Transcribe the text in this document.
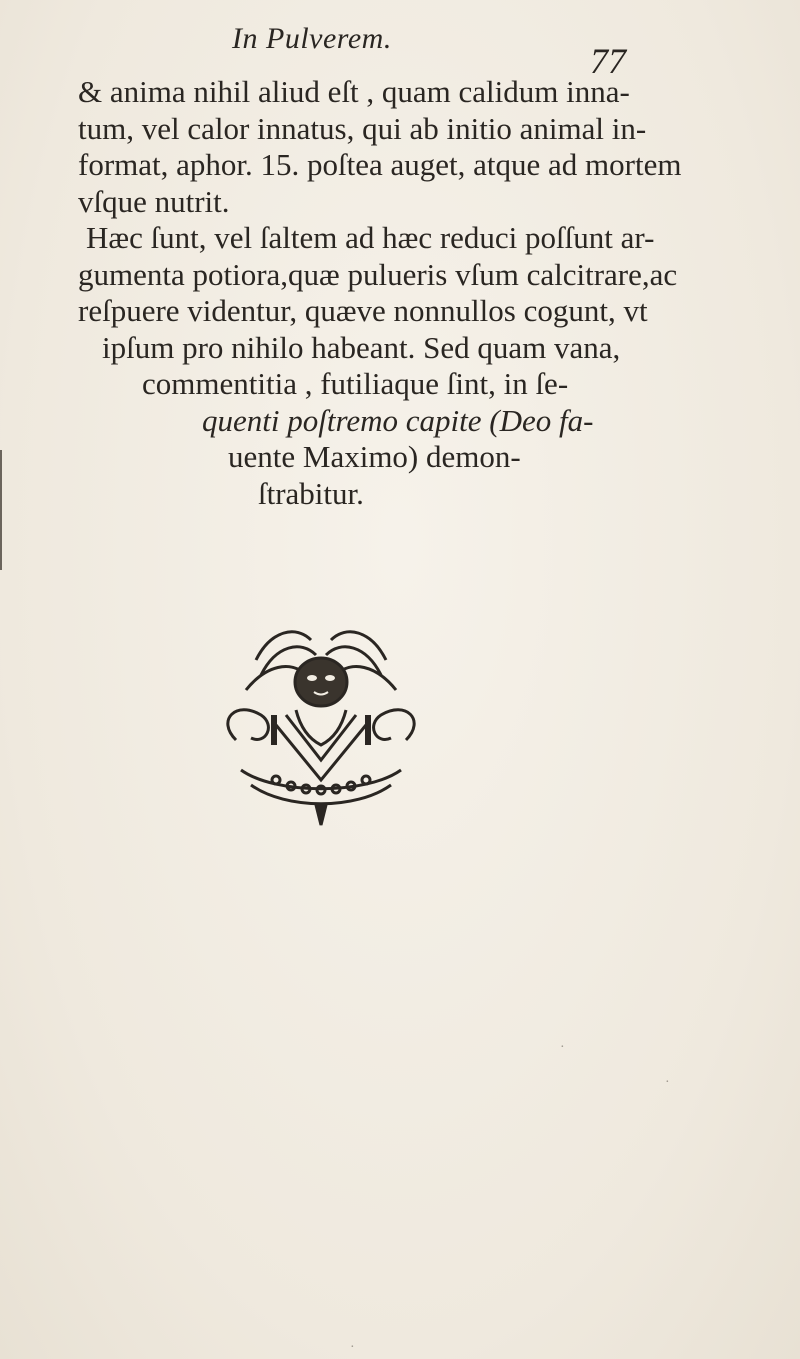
In Pulverem.
77
& anima nihil aliud eſt , quam calidum inna-
tum, vel calor innatus, qui ab initio animal in-
format, aphor. 15. poſtea auget, atque ad mortem
vſque nutrit.
Hæc ſunt, vel ſaltem ad hæc reduci poſſunt ar-
gumenta potiora,quæ pulueris vſum calcitrare,ac
reſpuere videntur, quæve nonnullos cogunt, vt
ipſum pro nihilo habeant. Sed quam vana,
commentitia , futiliaque ſint, in ſe-
quenti poſtremo capite (Deo fa-
uente Maximo) demon-
ſtrabitur.
·
·
·
